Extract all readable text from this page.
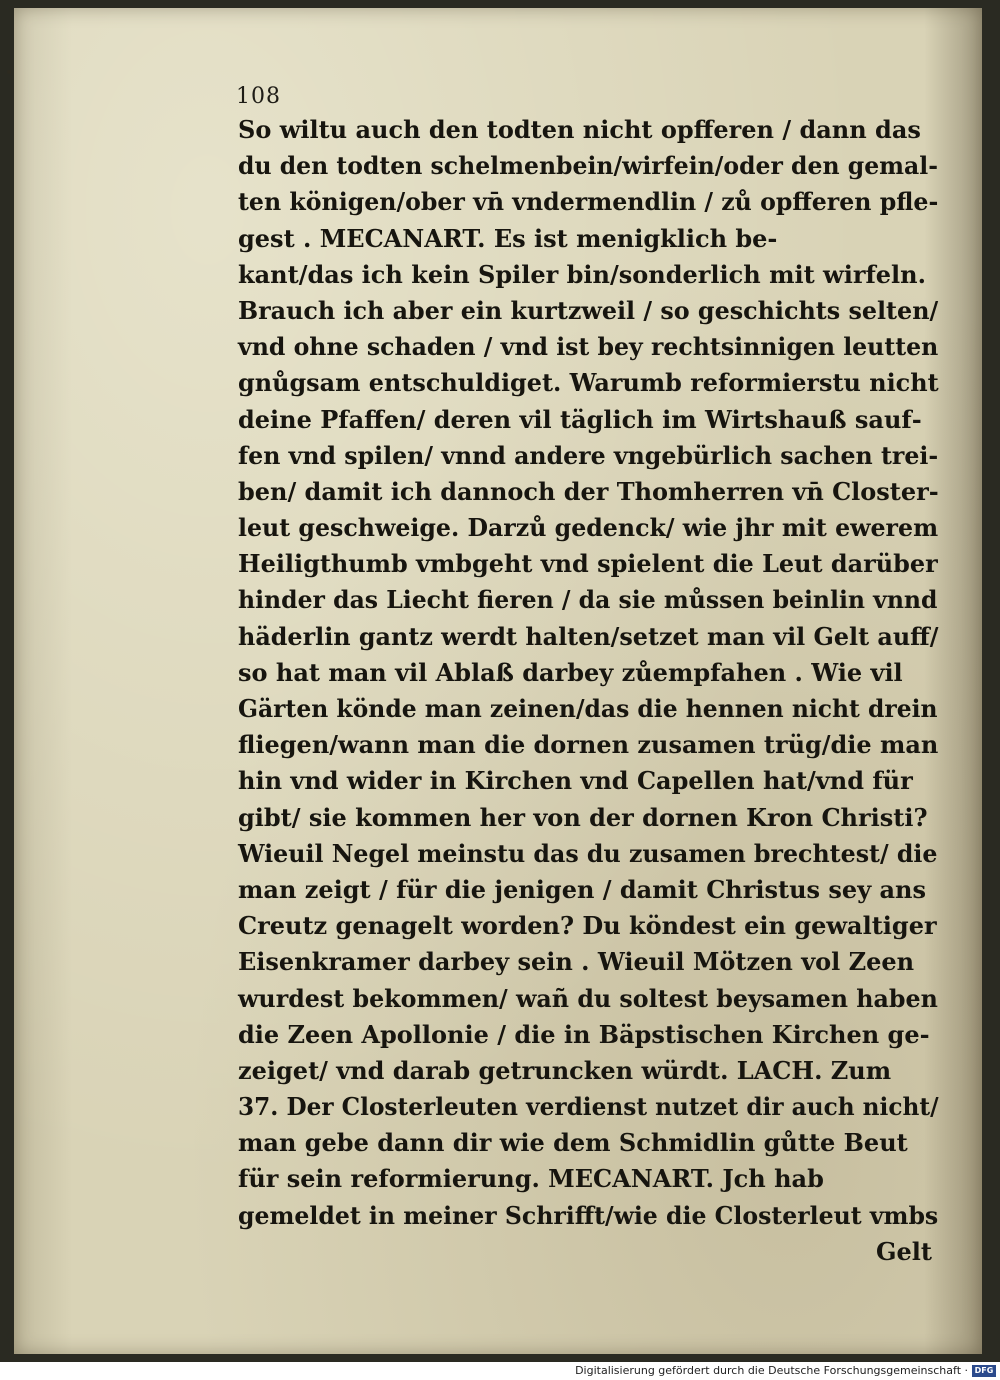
108
So wiltu auch den todten nicht opfferen / dann das
du den todten schelmenbein/wirfein/oder den gemal‑
ten königen/ober vn̄ vndermendlin / zů opfferen pfle‑
gest . MECANART. Es ist menigklich be‑
kant/das ich kein Spiler bin/sonderlich mit wirfeln.
Brauch ich aber ein kurtzweil / so geschichts selten/
vnd ohne schaden / vnd ist bey rechtsinnigen leutten
gnůgsam entschuldiget. Warumb reformierstu nicht
deine Pfaffen/ deren vil täglich im Wirtshauß sauf‑
fen vnd spilen/ vnnd andere vngebürlich sachen trei‑
ben/ damit ich dannoch der Thomherren vn̄ Closter‑
leut geschweige. Darzů gedenck/ wie jhr mit ewerem
Heiligthumb vmbgeht vnd spielent die Leut darüber
hinder das Liecht fieren / da sie můssen beinlin vnnd
häderlin gantz werdt halten/setzet man vil Gelt auff/
so hat man vil Ablaß darbey zůempfahen . Wie vil
Gärten könde man zeinen/das die hennen nicht drein
fliegen/wann man die dornen zusamen trüg/die man
hin vnd wider in Kirchen vnd Capellen hat/vnd für
gibt/ sie kommen her von der dornen Kron Christi?
Wieuil Negel meinstu das du zusamen brechtest/ die
man zeigt / für die jenigen / damit Christus sey ans
Creutz genagelt worden? Du köndest ein gewaltiger
Eisenkramer darbey sein . Wieuil Mötzen vol Zeen
wurdest bekommen/ wañ du soltest beysamen haben
die Zeen Apollonie / die in Bäpstischen Kirchen ge‑
zeiget/ vnd darab getruncken würdt. LACH. Zum
37. Der Closterleuten verdienst nutzet dir auch nicht/
man gebe dann dir wie dem Schmidlin gůtte Beut
für sein reformierung. MECANART. Jch hab
gemeldet in meiner Schrifft/wie die Closterleut vmbs
Gelt
Digitalisierung gefördert durch die Deutsche Forschungsgemeinschaft · DFG
